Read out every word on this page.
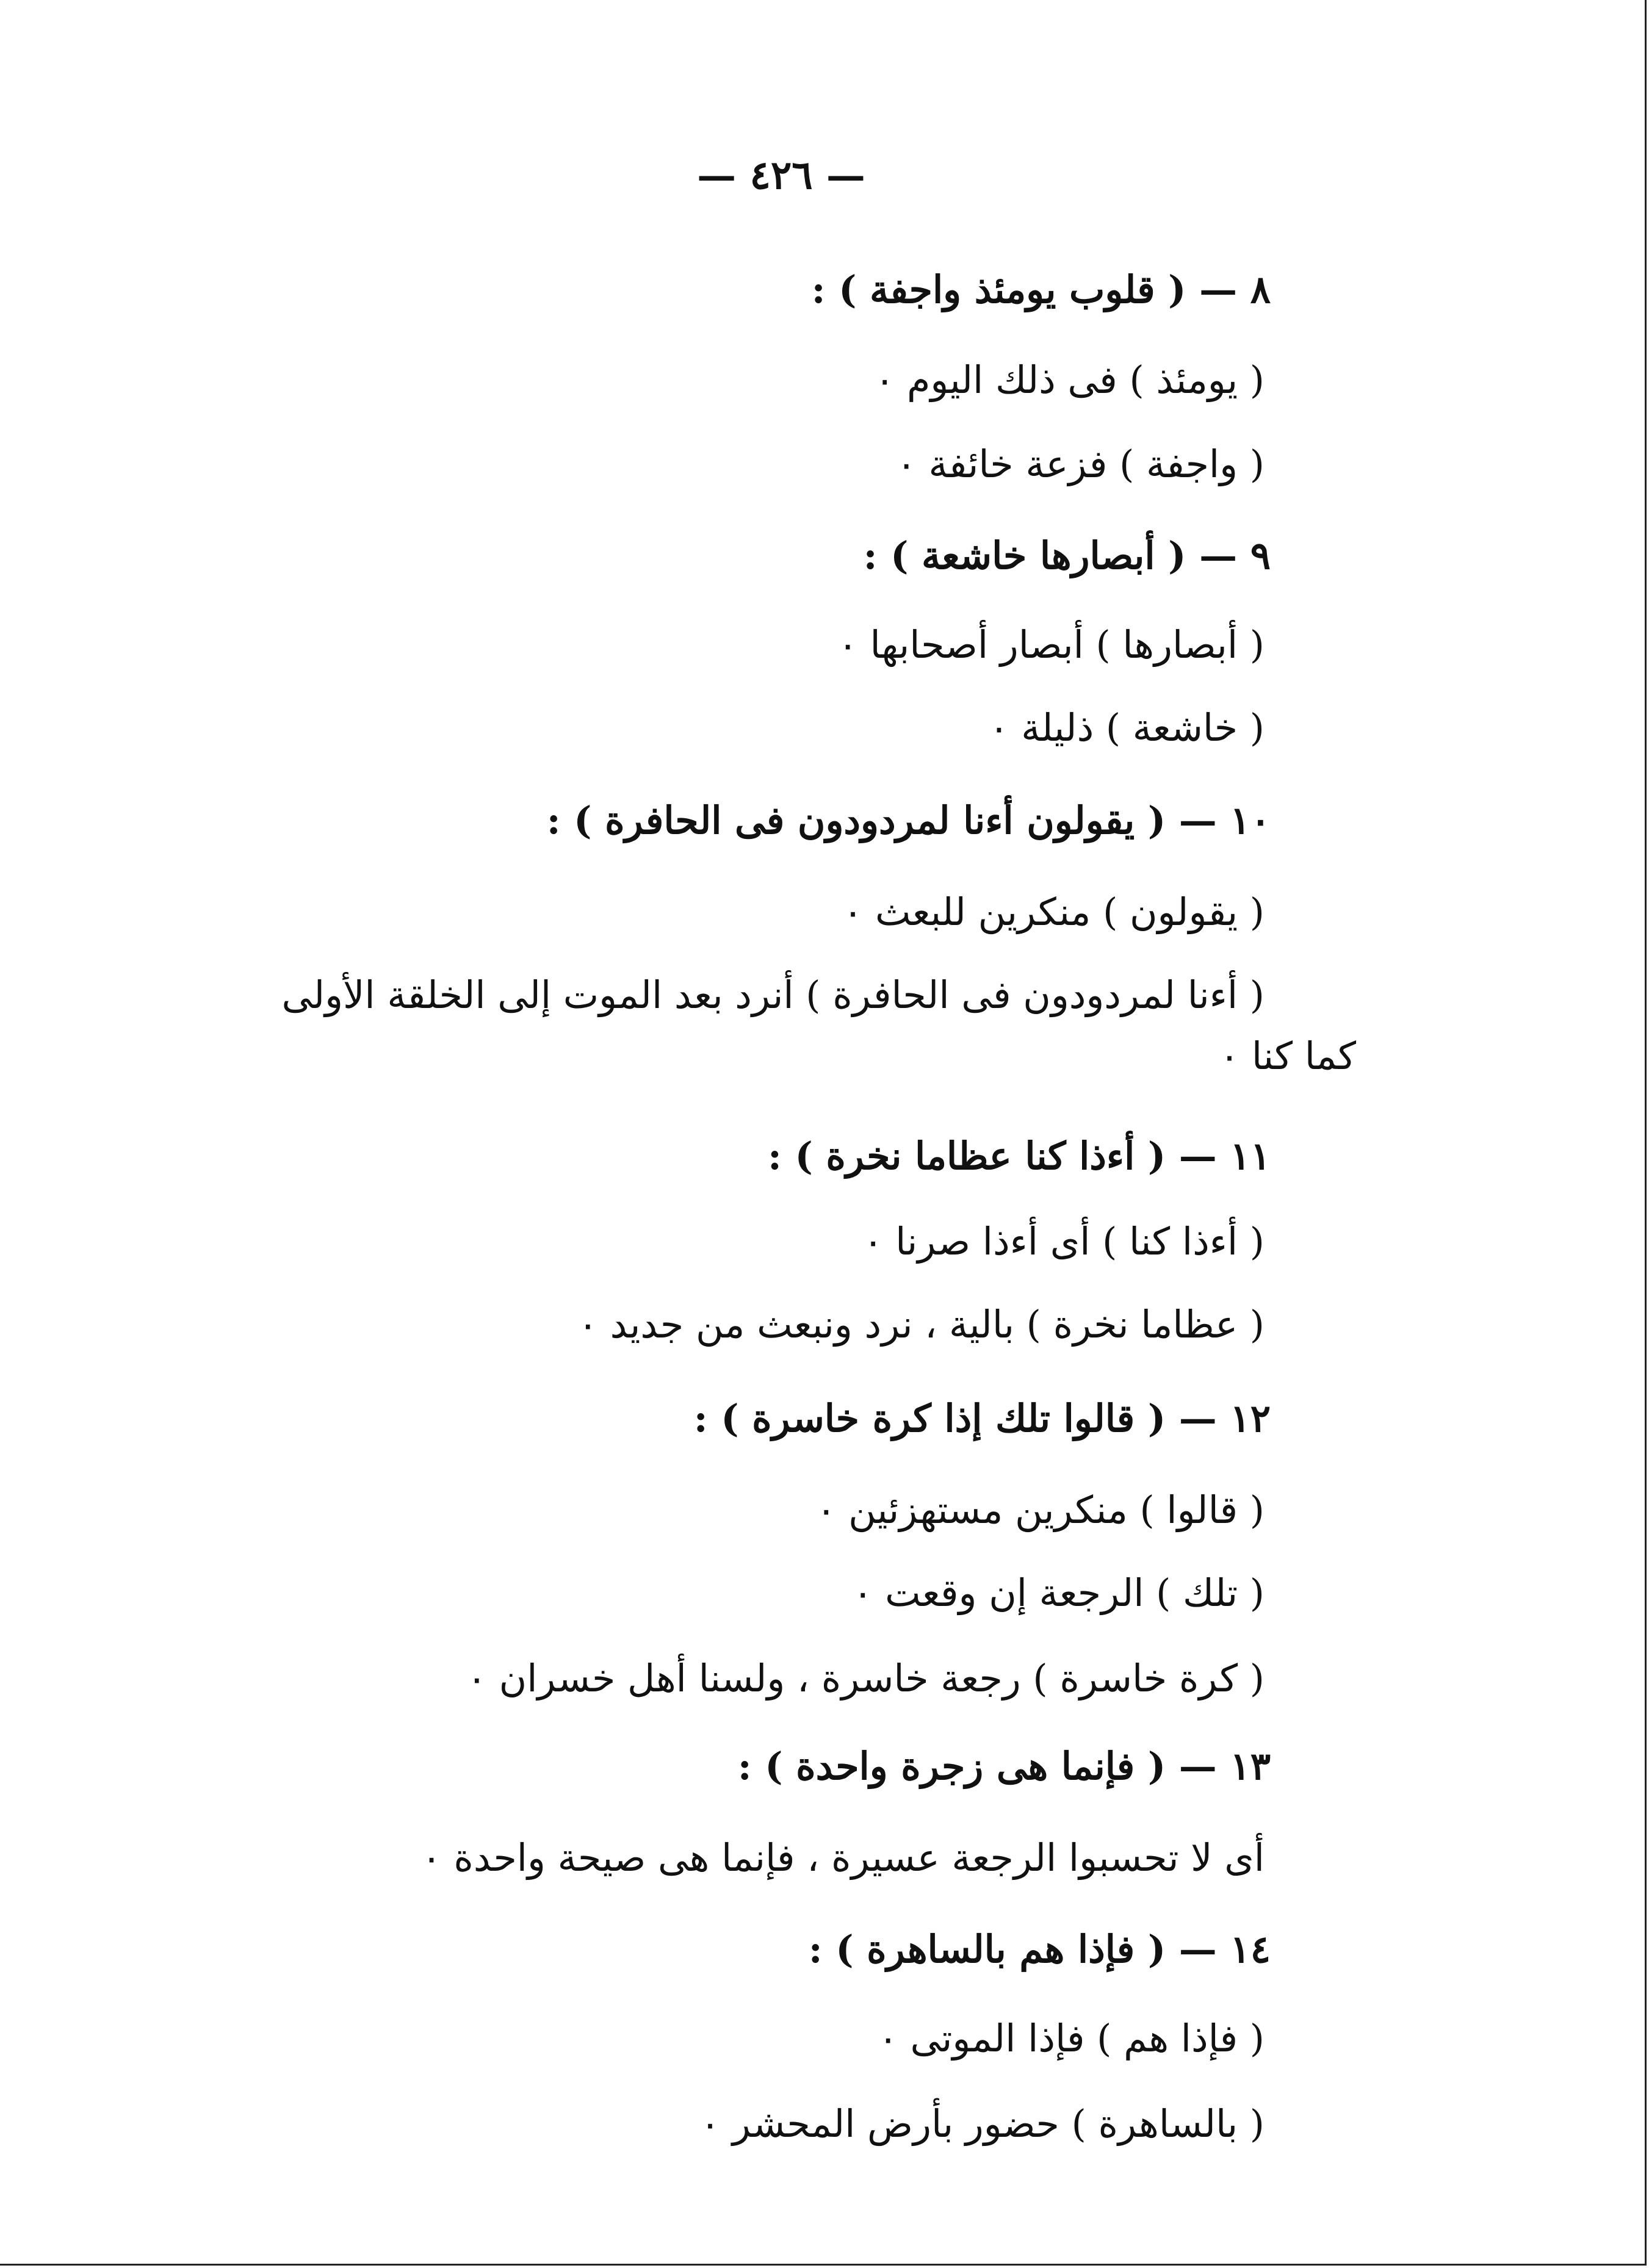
— ٤٢٦ —
٨ — ( قلوب يومئذ واجفة ) :
( يومئذ ) فى ذلك اليوم ٠
( واجفة ) فزعة خائفة ٠
٩ — ( أبصارها خاشعة ) :
( أبصارها ) أبصار أصحابها ٠
( خاشعة ) ذليلة ٠
١٠ — ( يقولون أءنا لمردودون فى الحافرة ) :
( يقولون ) منكرين للبعث ٠
( أءنا لمردودون فى الحافرة ) أنرد بعد الموت إلى الخلقة الأولى
كما كنا ٠
١١ — ( أءذا كنا عظاما نخرة ) :
( أءذا كنا ) أى أءذا صرنا ٠
( عظاما نخرة ) بالية ، نرد ونبعث من جديد ٠
١٢ — ( قالوا تلك إذا كرة خاسرة ) :
( قالوا ) منكرين مستهزئين ٠
( تلك ) الرجعة إن وقعت ٠
( كرة خاسرة ) رجعة خاسرة ، ولسنا أهل خسران ٠
١٣ — ( فإنما هى زجرة واحدة ) :
أى لا تحسبوا الرجعة عسيرة ، فإنما هى صيحة واحدة ٠
١٤ — ( فإذا هم بالساهرة ) :
( فإذا هم ) فإذا الموتى ٠
( بالساهرة ) حضور بأرض المحشر ٠
